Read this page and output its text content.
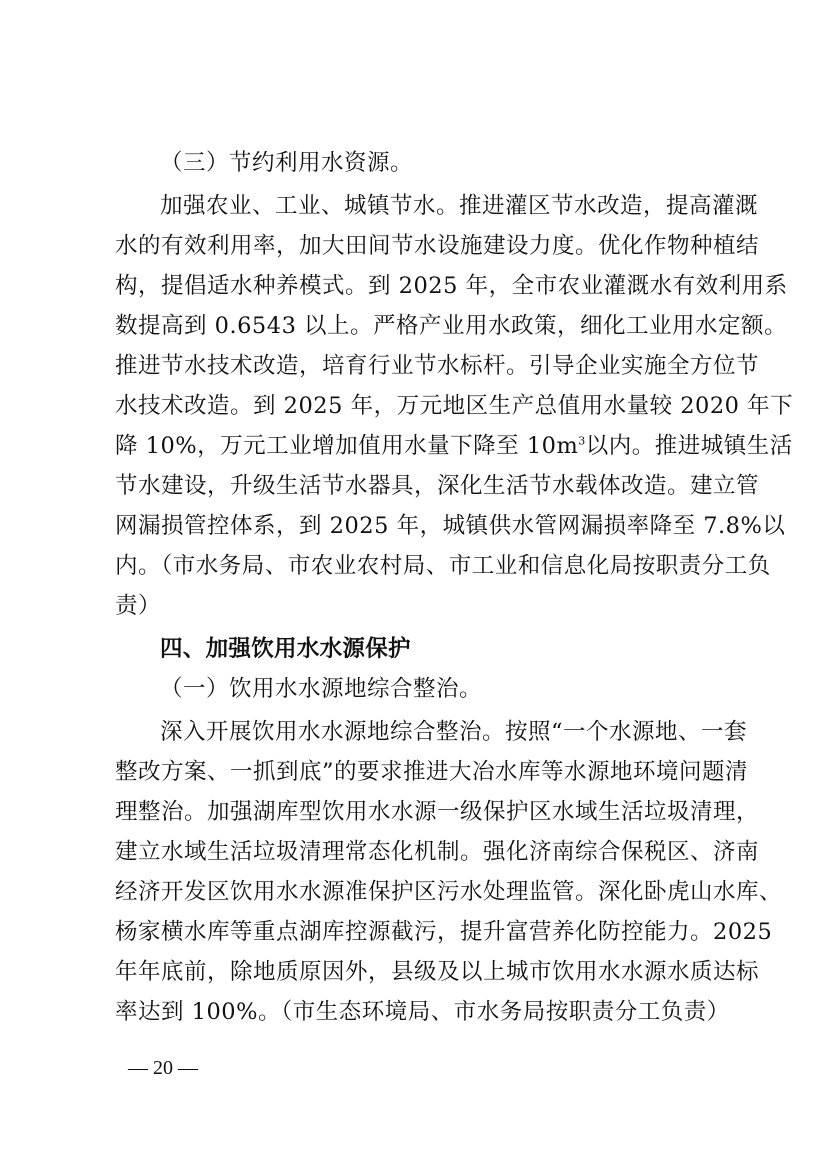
（三）节约利用水资源。
加强农业、工业、城镇节水。推进灌区节水改造，提高灌溉
水的有效利用率，加大田间节水设施建设力度。优化作物种植结
构，提倡适水种养模式。到 2025 年，全市农业灌溉水有效利用系
数提高到 0.6543 以上。严格产业用水政策，细化工业用水定额。
推进节水技术改造，培育行业节水标杆。引导企业实施全方位节
水技术改造。到 2025 年，万元地区生产总值用水量较 2020 年下
降 10%，万元工业增加值用水量下降至 $10m^3$以内。推进城镇生活
节水建设，升级生活节水器具，深化生活节水载体改造。建立管
网漏损管控体系，到 2025 年，城镇供水管网漏损率降至 7.8%以
内。（市水务局、市农业农村局、市工业和信息化局按职责分工负
责）
四、加强饮用水水源保护
（一）饮用水水源地综合整治。
深入开展饮用水水源地综合整治。按照“一个水源地、一套
整改方案、一抓到底”的要求推进大冶水库等水源地环境问题清
理整治。加强湖库型饮用水水源一级保护区水域生活垃圾清理，
建立水域生活垃圾清理常态化机制。强化济南综合保税区、济南
经济开发区饮用水水源准保护区污水处理监管。深化卧虎山水库、
杨家横水库等重点湖库控源截污，提升富营养化防控能力。2025
年年底前，除地质原因外，县级及以上城市饮用水水源水质达标
率达到 100%。（市生态环境局、市水务局按职责分工负责）
— 20 —
